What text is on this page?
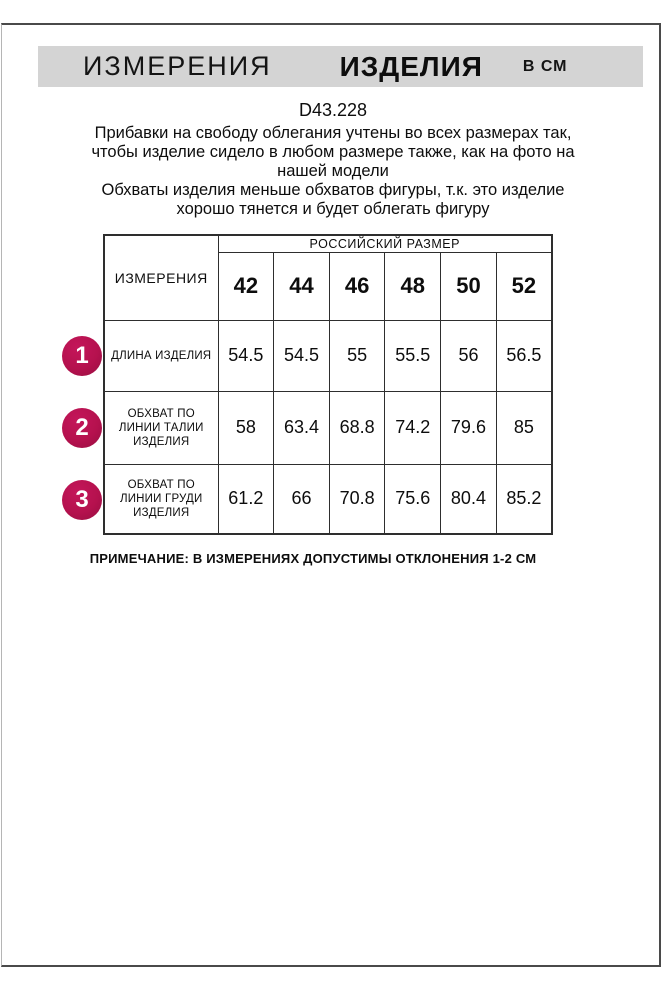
ИЗМЕРЕНИЯ ИЗДЕЛИЯ	В СМ
D43.228

Прибавки на свободу облегания учтены во всех размерах так, чтобы изделие сидело в любом размере также, как на фото на нашей модели

Обхваты изделия меньше обхватов фигуры, т.к. это изделие хорошо тянется и будет облегать фигуру

ИЗМЕРЕНИЯ	РОССИЙСКИЙ РАЗМЕР					
	42	44	46	48	50	52
ДЛИНА ИЗДЕЛИЯ	54.5	54.5	55	55.5	56	56.5
ОБХВАТ ПО ЛИНИИ ТАЛИИ ИЗДЕЛИЯ	58	63.4	68.8	74.2	79.6	85
ОБХВАТ ПО ЛИНИИ ГРУДИ ИЗДЕЛИЯ	61.2	66	70.8	75.6	80.4	85.2
1
2
3
ПРИМЕЧАНИЕ: В ИЗМЕРЕНИЯХ ДОПУСТИМЫ ОТКЛОНЕНИЯ 1-2 СМ
